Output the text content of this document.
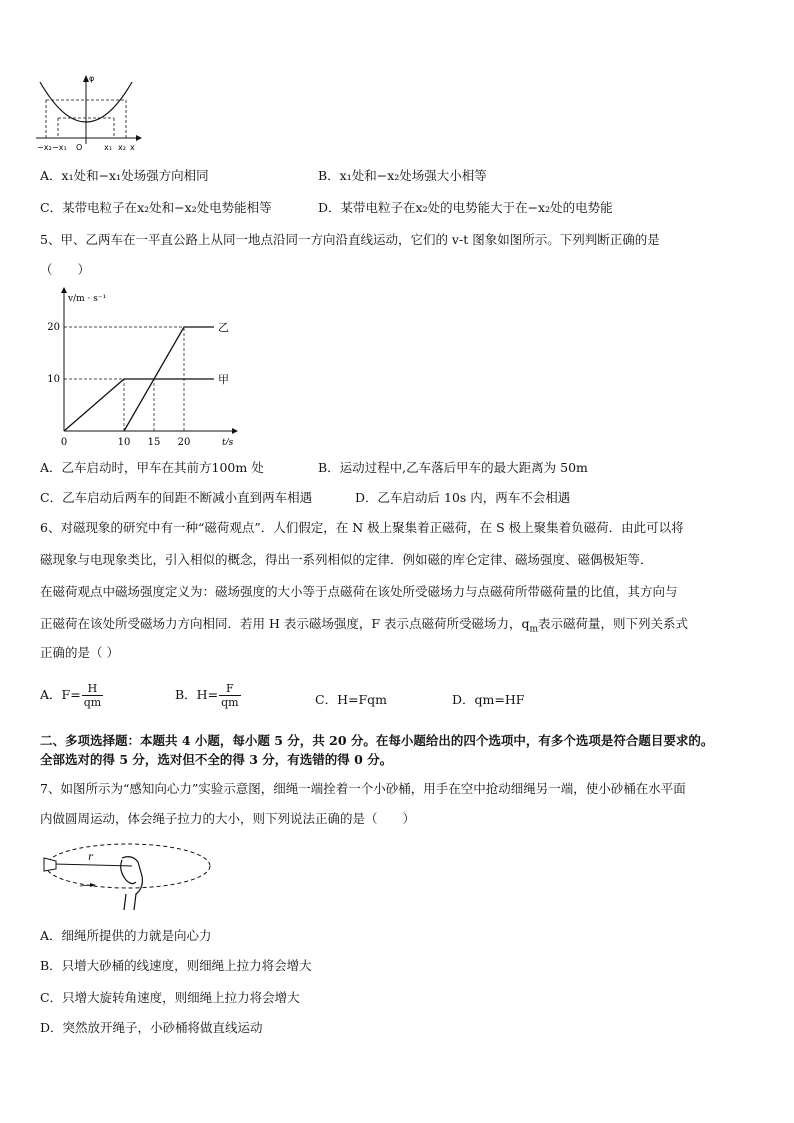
φ
x
−x₂ −x₁ O	x₁ x₂
A．x₁处和−x₁处场强方向相同	B．x₁处和−x₂处场强大小相等
C．某带电粒子在x₂处和−x₂处电势能相等	D．某带电粒子在x₂处的电势能大于在−x₂处的电势能
5、甲、乙两车在一平直公路上从同一地点沿同一方向沿直线运动，它们的 v-t 图象如图所示。下列判断正确的是
（　　）
v/m · s⁻¹
t/s
10
20
0	10 15 20
甲
乙
A．乙车启动时，甲车在其前方100m 处	B．运动过程中,乙车落后甲车的最大距离为 50m
C．乙车启动后两车的间距不断减小直到两车相遇	D．乙车启动后 10s 内，两车不会相遇
6、对磁现象的研究中有一种“磁荷观点”．人们假定，在 N 极上聚集着正磁荷，在 S 极上聚集着负磁荷．由此可以将
磁现象与电现象类比，引入相似的概念，得出一系列相似的定律．例如磁的库仑定律、磁场强度、磁偶极矩等．
在磁荷观点中磁场强度定义为：磁场强度的大小等于点磁荷在该处所受磁场力与点磁荷所带磁荷量的比值，其方向与
正磁荷在该处所受磁场力方向相同．若用 H 表示磁场强度，F 表示点磁荷所受磁场力，$q_m$表示磁荷量，则下列关系式
正确的是（ ）
A．$F= \frac{H}{qm}$	B．$H= \frac{F}{qm}$	C．H=Fqm	D．qm=HF
二、多项选择题：本题共 4 小题，每小题 5 分，共 20 分。在每小题给出的四个选项中，有多个选项是符合题目要求的。
全部选对的得 5 分，选对但不全的得 3 分，有选错的得 0 分。
7、如图所示为“感知向心力”实验示意图，细绳一端拴着一个小砂桶，用手在空中抢动细绳另一端，使小砂桶在水平面
内做圆周运动，体会绳子拉力的大小，则下列说法正确的是（　　）
r
A．细绳所提供的力就是向心力
B．只增大砂桶的线速度，则细绳上拉力将会增大
C．只增大旋转角速度，则细绳上拉力将会增大
D．突然放开绳子，小砂桶将做直线运动
